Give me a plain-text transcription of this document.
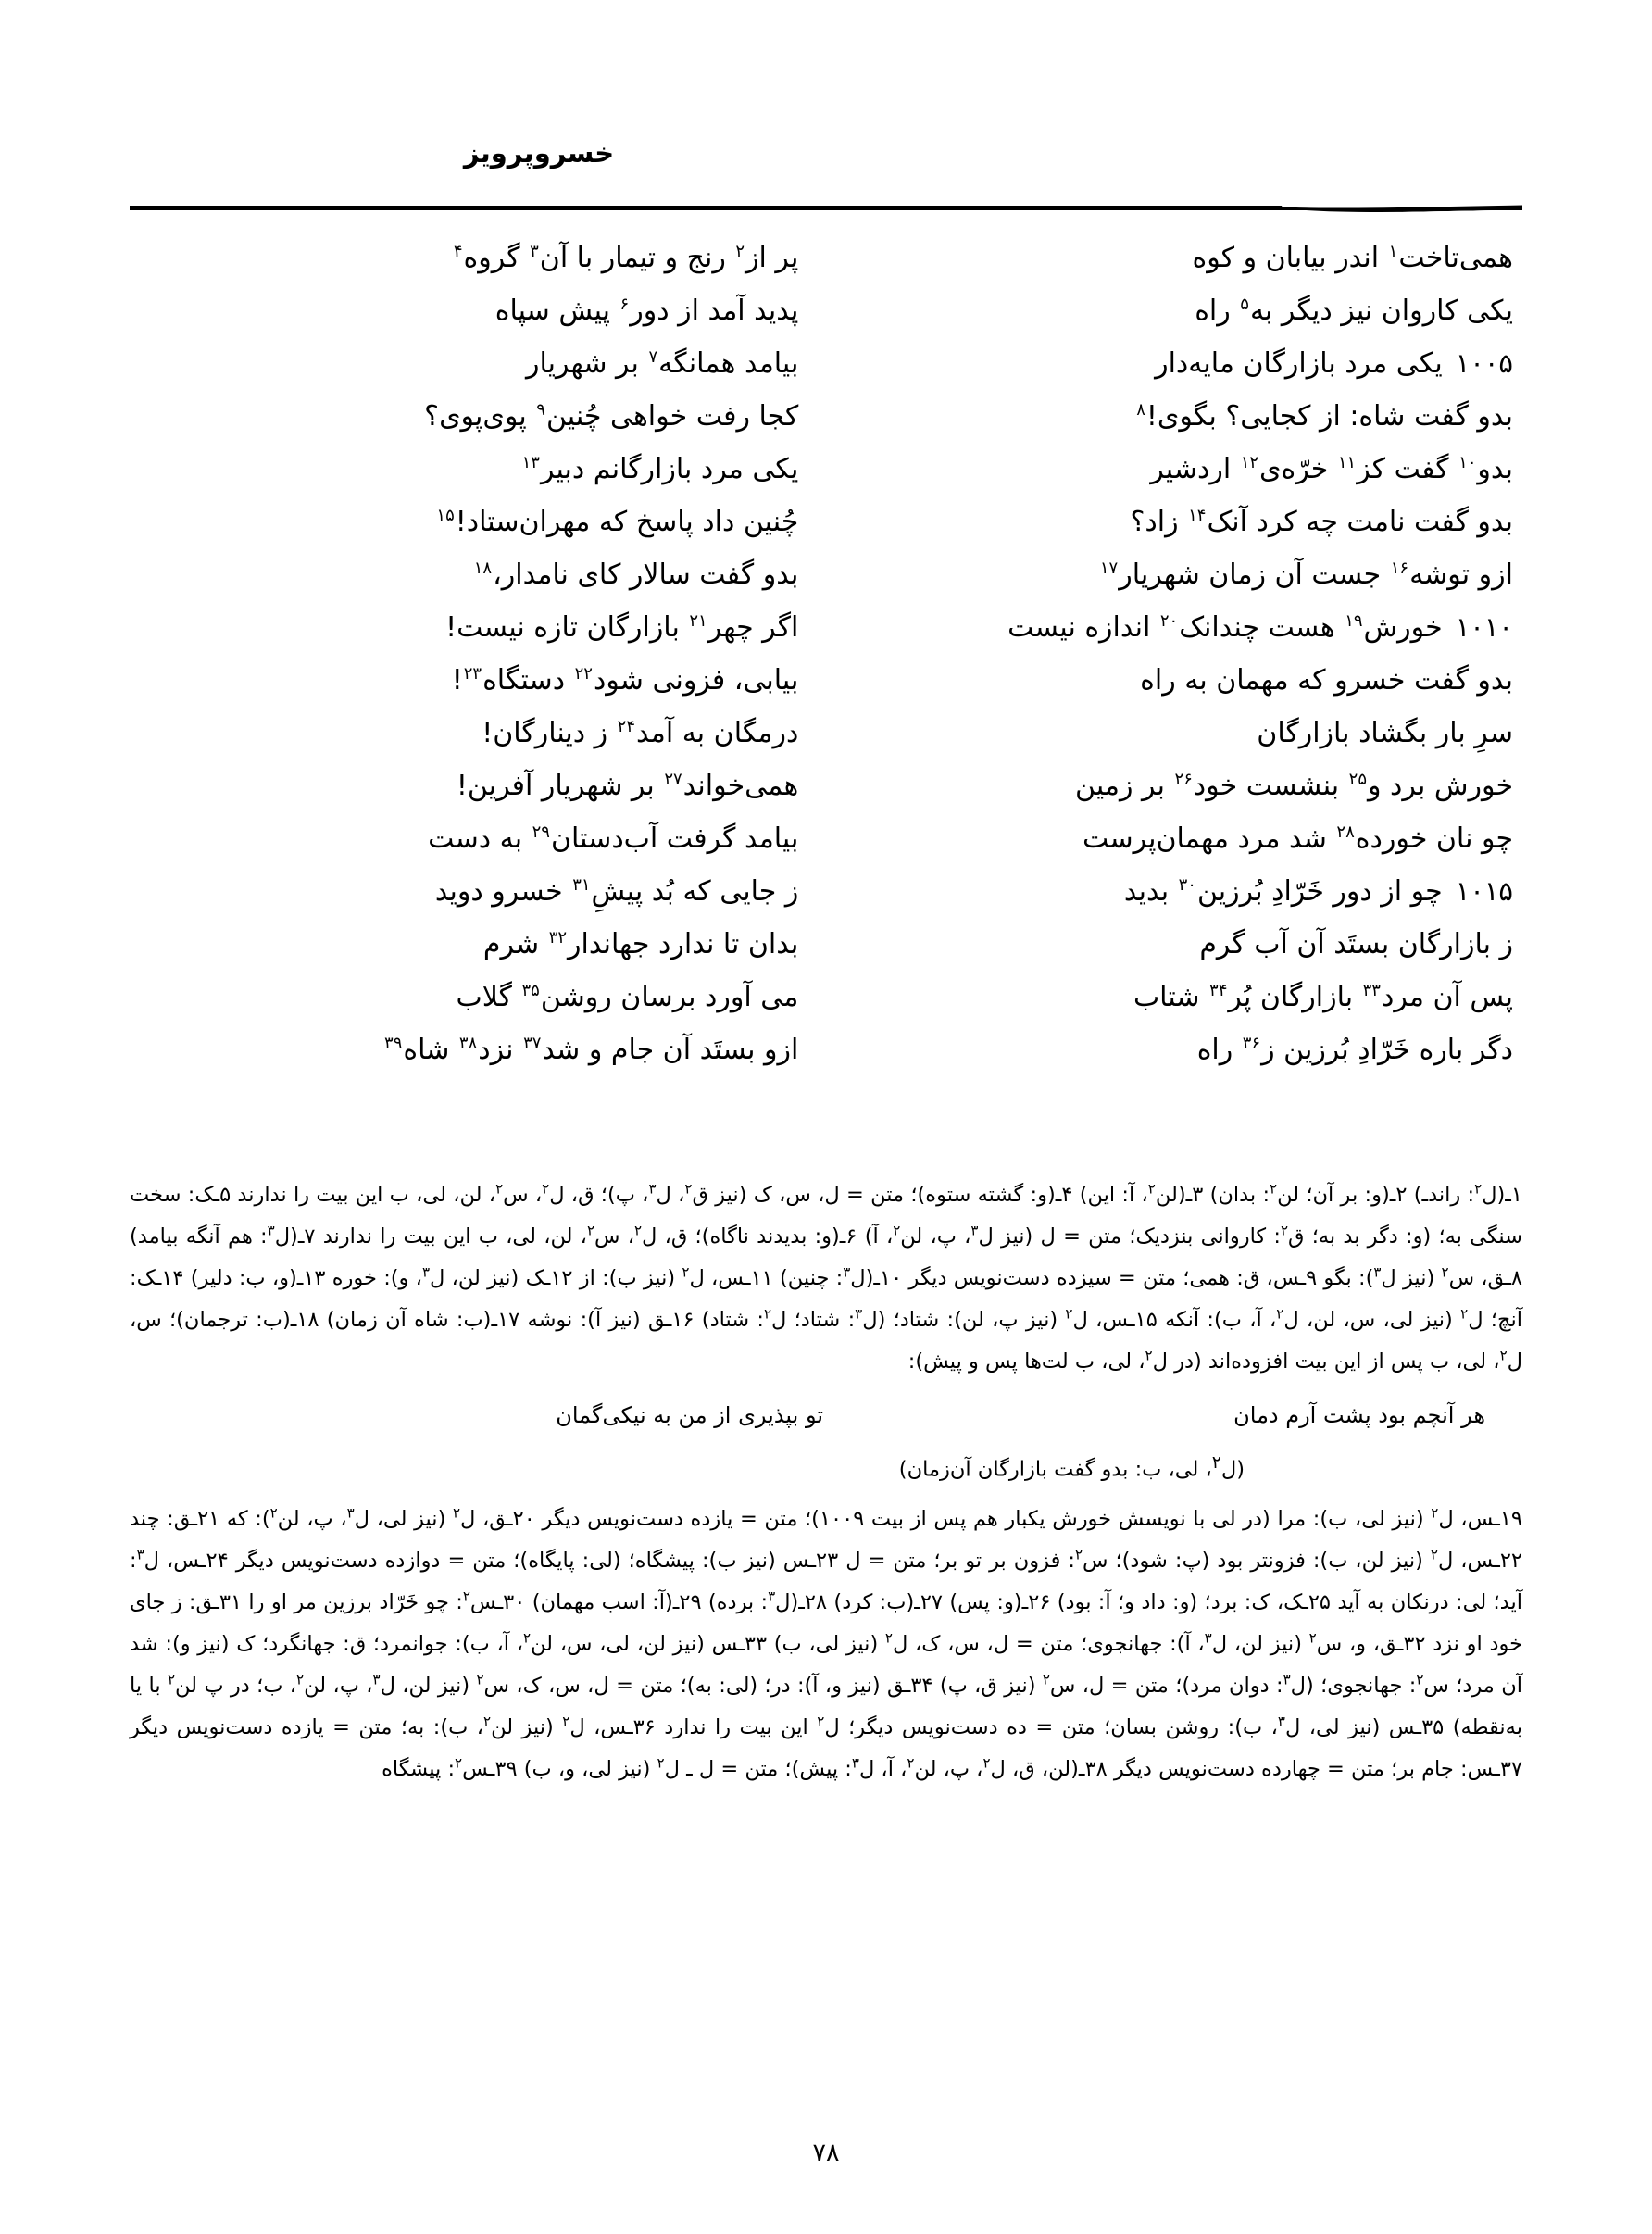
خسروپرویز
همی‌تاخت$^۱$ اندر بیابان و کوه
پر از$^۲$ رنج و تیمار با آن$^۳$ گروه$^۴$
یکی کاروان نیز دیگر به$^۵$ راه
پدید آمد از دور$^۶$ پیش سپاه
۱۰۰۵یکی مرد بازارگان مایه‌دار
بیامد همانگه$^۷$ بر شهریار
بدو گفت شاه: از کجایی؟ بگوی!$^۸$
کجا رفت خواهی چُنین$^۹$ پوی‌پوی؟
بدو$^{۱۰}$ گفت کز$^{۱۱}$ خرّه‌ی$^{۱۲}$ اردشیر
یکی مرد بازارگانم دبیر$^{۱۳}$
بدو گفت نامت چه کرد آنک$^{۱۴}$ زاد؟
چُنین داد پاسخ که مهران‌ستاد!$^{۱۵}$
ازو توشه$^{۱۶}$ جست آن زمان شهریار$^{۱۷}$
بدو گفت سالار کای نامدار،$^{۱۸}$
۱۰۱۰خورش$^{۱۹}$ هست چندانک$^{۲۰}$ اندازه نیست
اگر چهر$^{۲۱}$ بازارگان تازه نیست!
بدو گفت خسرو که مهمان به راه
بیابی، فزونی شود$^{۲۲}$ دستگاه$^{۲۳}$!
سرِ بار بگشاد بازارگان
درمگان به آمد$^{۲۴}$ ز دینارگان!
خورش برد و$^{۲۵}$ بنشست خود$^{۲۶}$ بر زمین
همی‌خواند$^{۲۷}$ بر شهریار آفرین!
چو نان خورده$^{۲۸}$ شد مرد مهمان‌پرست
بیامد گرفت آب‌دستان$^{۲۹}$ به دست
۱۰۱۵چو از دور خَرّادِ بُرزین$^{۳۰}$ بدید
ز جایی که بُد پیشِ$^{۳۱}$ خسرو دوید
ز بازارگان بستَد آن آب گرم
بدان تا ندارد جهاندار$^{۳۲}$ شرم
پس آن مرد$^{۳۳}$ بازارگان پُر$^{۳۴}$ شتاب
می آورد برسان روشن$^{۳۵}$ گلاب
دگر باره خَرّادِ بُرزین ز$^{۳۶}$ راه
ازو بستَد آن جام و شد$^{۳۷}$ نزد$^{۳۸}$ شاه$^{۳۹}$

۱ـ(ل$^۲$: راندـ) ۲ـ(و: بر آن؛ لن$^۲$: بدان) ۳ـ(لن$^۲$، آ: این) ۴ـ(و: گشته ستوه)؛ متن = ل، س، ک (نیز ق$^۲$، ل$^۳$، پ)؛ ق، ل$^۲$، س$^۲$، لن، لی، ب این بیت را ندارند ۵ـک: سخت سنگی به؛ (و: دگر بد به؛ ق$^۲$: کاروانی بنزدیک؛ متن = ل (نیز ل$^۳$، پ، لن$^۲$، آ) ۶ـ(و: بدیدند ناگاه)؛ ق، ل$^۲$، س$^۲$، لن، لی، ب این بیت را ندارند ۷ـ(ل$^۳$: هم آنگه بیامد) ۸ـق، س$^۲$ (نیز ل$^۳$): بگو ۹ـس، ق: همی؛ متن = سیزده دست‌نویس دیگر ۱۰ـ(ل$^۳$: چنین) ۱۱ـس، ل$^۲$ (نیز ب): از ۱۲ـک (نیز لن، ل$^۳$، و): خوره ۱۳ـ(و، ب: دلیر) ۱۴ـک: آنچ؛ ل$^۲$ (نیز لی، س، لن، ل$^۲$، آ، ب): آنکه ۱۵ـس، ل$^۲$ (نیز پ، لن): شتاد؛ (ل$^۳$: شتاد؛ ل$^۲$: شتاد) ۱۶ـق (نیز آ): نوشه ۱۷ـ(ب: شاه آن زمان) ۱۸ـ(ب: ترجمان)؛ س، ل$^۲$، لی، ب پس از این بیت افزوده‌اند (در ل$^۲$، لی، ب لت‌ها پس و پیش):

هر آنچم بود پشت آرم دمان
تو بپذیری از من به نیکی‌گمان

(ل$^۲$، لی، ب: بدو گفت بازارگان آن‌زمان)

۱۹ـس، ل$^۲$ (نیز لی، ب): مرا (در لی با نویسش خورش یکبار هم پس از بیت ۱۰۰۹)؛ متن = یازده دست‌نویس دیگر ۲۰ـق، ل$^۲$ (نیز لی، ل$^۳$، پ، لن$^۲$): که ۲۱ـق: چند ۲۲ـس، ل$^۲$ (نیز لن، ب): فزونتر بود (پ: شود)؛ س$^۲$: فزون بر تو بر؛ متن = ل ۲۳ـس (نیز ب): پیشگاه؛ (لی: پایگاه)؛ متن = دوازده دست‌نویس دیگر ۲۴ـس، ل$^۳$: آید؛ لی: درنکان به آید ۲۵ـک، ک: برد؛ (و: داد و؛ آ: بود) ۲۶ـ(و: پس) ۲۷ـ(ب: کرد) ۲۸ـ(ل$^۳$: برده) ۲۹ـ(آ: اسب مهمان) ۳۰ـس$^۲$: چو خَرّاد برزین مر او را ۳۱ـق: ز جای خود او نزد ۳۲ـق، و، س$^۲$ (نیز لن، ل$^۳$، آ): جهانجوی؛ متن = ل، س، ک، ل$^۲$ (نیز لی، ب) ۳۳ـس (نیز لن، لی، س، لن$^۲$، آ، ب): جوانمرد؛ ق: جهانگرد؛ ک (نیز و): شد آن مرد؛ س$^۲$: جهانجوی؛ (ل$^۳$: دوان مرد)؛ متن = ل، س$^۲$ (نیز ق، پ) ۳۴ـق (نیز و، آ): در؛ (لی: به)؛ متن = ل، س، ک، س$^۲$ (نیز لن، ل$^۳$، پ، لن$^۲$، ب؛ در پ لن$^۲$ با یا به‌نقطه) ۳۵ـس (نیز لی، ل$^۳$، ب): روشن بسان؛ متن = ده دست‌نویس دیگر؛ ل$^۲$ این بیت را ندارد ۳۶ـس، ل$^۲$ (نیز لن$^۲$، ب): به؛ متن = یازده دست‌نویس دیگر ۳۷ـس: جام بر؛ متن = چهارده دست‌نویس دیگر ۳۸ـ(لن، ق، ل$^۲$، پ، لن$^۲$، آ، ل$^۳$: پیش)؛ متن = ل ـ ل$^۲$ (نیز لی، و، ب) ۳۹ـس$^۲$: پیشگاه

۷۸
